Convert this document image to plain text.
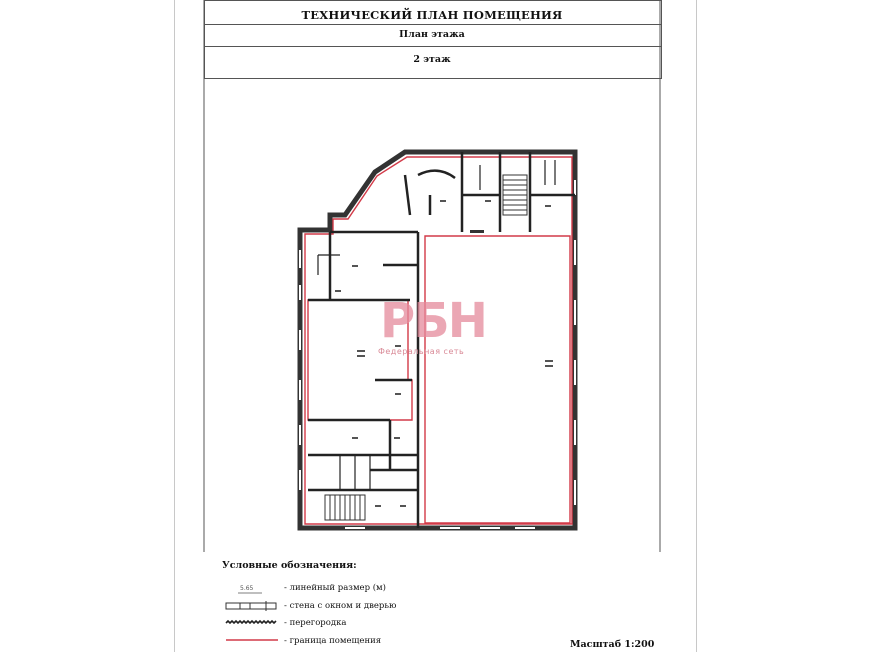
ТЕХНИЧЕСКИЙ ПЛАН ПОМЕЩЕНИЯ
План этажа
2 этаж
5.65
РБН
Федеральная сеть
Условные обозначения:
- линейный размер (м)
- стена с окном и дверью
- перегородка
- граница помещения	Масштаб 1:200
